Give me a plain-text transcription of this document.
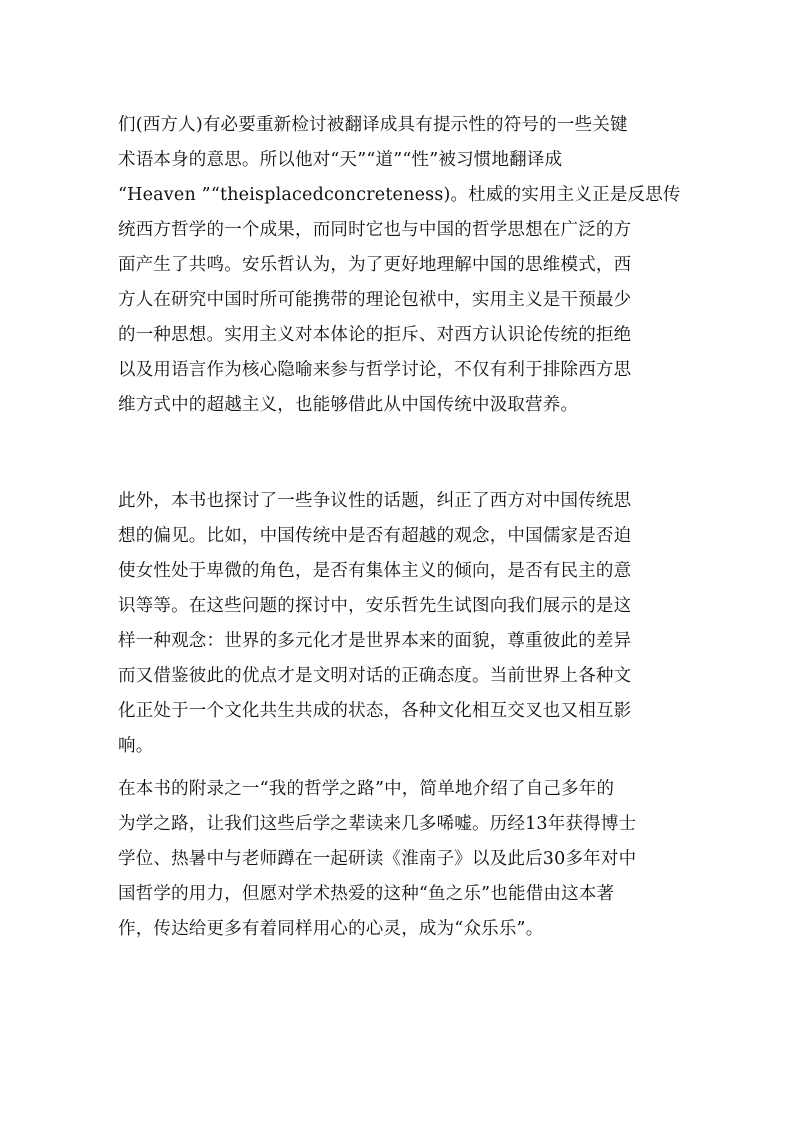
们(西方人)有必要重新检讨被翻译成具有提示性的符号的一些关键
术语本身的意思。所以他对“天”“道”“性”被习惯地翻译成
“Heaven ”“theisplacedconcreteness)。杜威的实用主义正是反思传
统西方哲学的一个成果，而同时它也与中国的哲学思想在广泛的方
面产生了共鸣。安乐哲认为，为了更好地理解中国的思维模式，西
方人在研究中国时所可能携带的理论包袱中，实用主义是干预最少
的一种思想。实用主义对本体论的拒斥、对西方认识论传统的拒绝
以及用语言作为核心隐喻来参与哲学讨论，不仅有利于排除西方思
维方式中的超越主义，也能够借此从中国传统中汲取营养。
此外，本书也探讨了一些争议性的话题，纠正了西方对中国传统思
想的偏见。比如，中国传统中是否有超越的观念，中国儒家是否迫
使女性处于卑微的角色，是否有集体主义的倾向，是否有民主的意
识等等。在这些问题的探讨中，安乐哲先生试图向我们展示的是这
样一种观念：世界的多元化才是世界本来的面貌，尊重彼此的差异
而又借鉴彼此的优点才是文明对话的正确态度。当前世界上各种文
化正处于一个文化共生共成的状态，各种文化相互交叉也又相互影
响。
在本书的附录之一“我的哲学之路”中，简单地介绍了自己多年的
为学之路，让我们这些后学之辈读来几多唏嘘。历经13年获得博士
学位、热暑中与老师蹲在一起研读《淮南子》以及此后30多年对中
国哲学的用力，但愿对学术热爱的这种“鱼之乐”也能借由这本著
作，传达给更多有着同样用心的心灵，成为“众乐乐”。
